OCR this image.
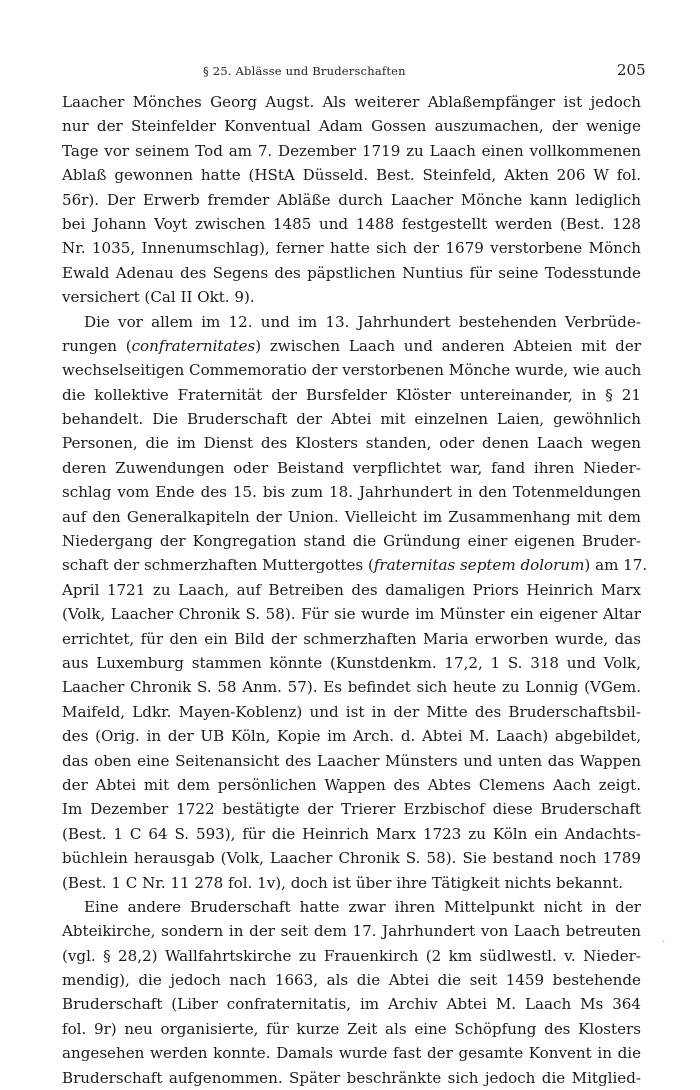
§ 25. Ablässe und Bruderschaften	205
Laacher Mönches Georg Augst. Als weiterer Ablaßempfänger ist jedoch
nur der Steinfelder Konventual Adam Gossen auszumachen, der wenige
Tage vor seinem Tod am 7. Dezember 1719 zu Laach einen vollkommenen
Ablaß gewonnen hatte (HStA Düsseld. Best. Steinfeld, Akten 206 W fol.
56r). Der Erwerb fremder Abläße durch Laacher Mönche kann lediglich
bei Johann Voyt zwischen 1485 und 1488 festgestellt werden (Best. 128
Nr. 1035, Innenumschlag), ferner hatte sich der 1679 verstorbene Mönch
Ewald Adenau des Segens des päpstlichen Nuntius für seine Todesstunde
versichert (Cal II Okt. 9).
Die vor allem im 12. und im 13. Jahrhundert bestehenden Verbrüde-
rungen (confraternitates) zwischen Laach und anderen Abteien mit der
wechselseitigen Commemoratio der verstorbenen Mönche wurde, wie auch
die kollektive Fraternität der Bursfelder Klöster untereinander, in § 21
behandelt. Die Bruderschaft der Abtei mit einzelnen Laien, gewöhnlich
Personen, die im Dienst des Klosters standen, oder denen Laach wegen
deren Zuwendungen oder Beistand verpflichtet war, fand ihren Nieder-
schlag vom Ende des 15. bis zum 18. Jahrhundert in den Totenmeldungen
auf den Generalkapiteln der Union. Vielleicht im Zusammenhang mit dem
Niedergang der Kongregation stand die Gründung einer eigenen Bruder-
schaft der schmerzhaften Muttergottes (fraternitas septem dolorum) am 17.
April 1721 zu Laach, auf Betreiben des damaligen Priors Heinrich Marx
(Volk, Laacher Chronik S. 58). Für sie wurde im Münster ein eigener Altar
errichtet, für den ein Bild der schmerzhaften Maria erworben wurde, das
aus Luxemburg stammen könnte (Kunstdenkm. 17,2, 1 S. 318 und Volk,
Laacher Chronik S. 58 Anm. 57). Es befindet sich heute zu Lonnig (VGem.
Maifeld, Ldkr. Mayen-Koblenz) und ist in der Mitte des Bruderschaftsbil-
des (Orig. in der UB Köln, Kopie im Arch. d. Abtei M. Laach) abgebildet,
das oben eine Seitenansicht des Laacher Münsters und unten das Wappen
der Abtei mit dem persönlichen Wappen des Abtes Clemens Aach zeigt.
Im Dezember 1722 bestätigte der Trierer Erzbischof diese Bruderschaft
(Best. 1 C 64 S. 593), für die Heinrich Marx 1723 zu Köln ein Andachts-
büchlein herausgab (Volk, Laacher Chronik S. 58). Sie bestand noch 1789
(Best. 1 C Nr. 11 278 fol. 1v), doch ist über ihre Tätigkeit nichts bekannt.
Eine andere Bruderschaft hatte zwar ihren Mittelpunkt nicht in der
Abteikirche, sondern in der seit dem 17. Jahrhundert von Laach betreuten
(vgl. § 28,2) Wallfahrtskirche zu Frauenkirch (2 km südlwestl. v. Nieder-
mendig), die jedoch nach 1663, als die Abtei die seit 1459 bestehende
Bruderschaft (Liber confraternitatis, im Archiv Abtei M. Laach Ms 364
fol. 9r) neu organisierte, für kurze Zeit als eine Schöpfung des Klosters
angesehen werden konnte. Damals wurde fast der gesamte Konvent in die
Bruderschaft aufgenommen. Später beschränkte sich jedoch die Mitglied-
·
